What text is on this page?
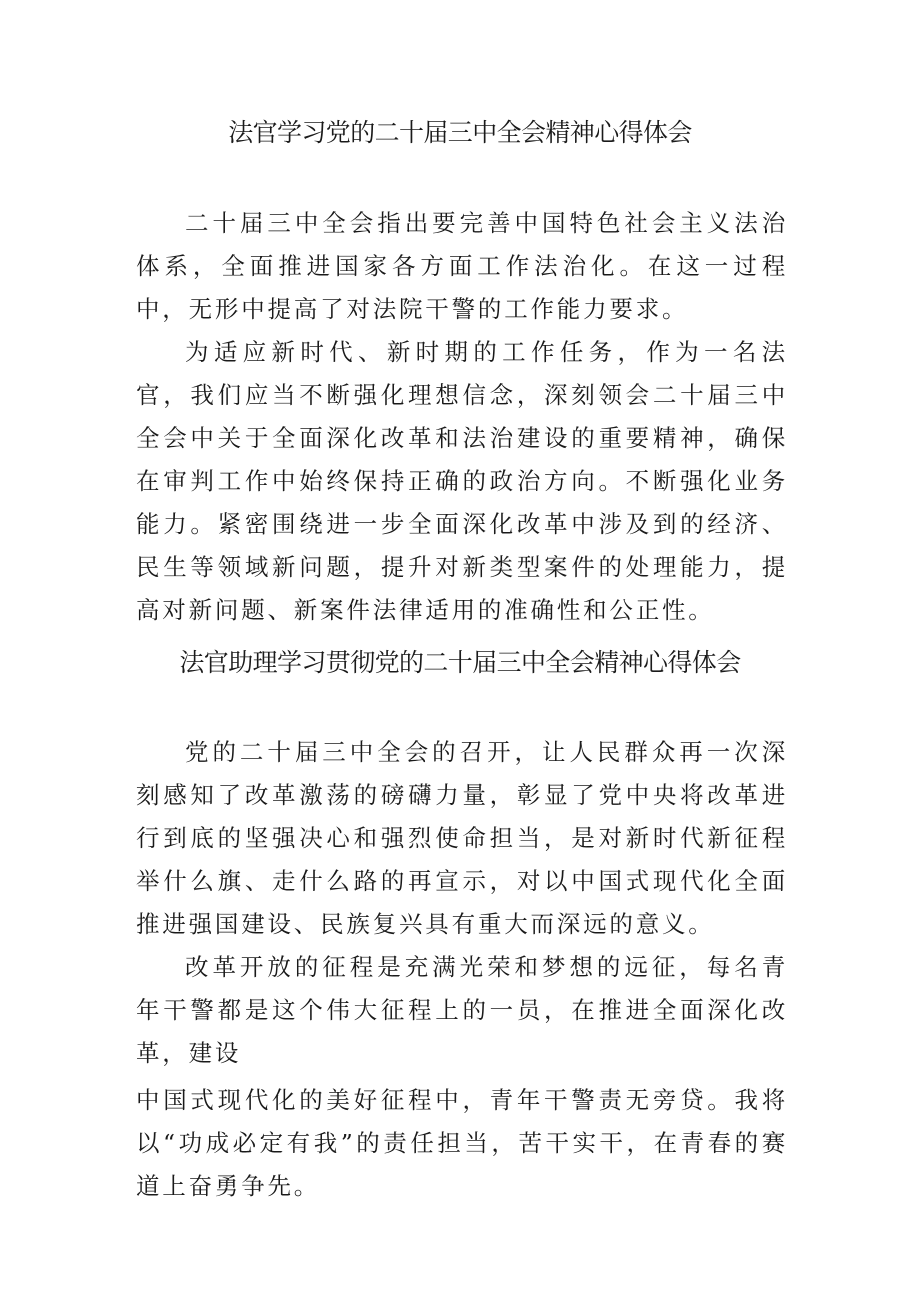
法官学习党的二十届三中全会精神心得体会

二十届三中全会指出要完善中国特色社会主义法治体系，全面推进国家各方面工作法治化。在这一过程中，无形中提高了对法院干警的工作能力要求。

为适应新时代、新时期的工作任务，作为一名法官，我们应当不断强化理想信念，深刻领会二十届三中全会中关于全面深化改革和法治建设的重要精神，确保在审判工作中始终保持正确的政治方向。不断强化业务能力。紧密围绕进一步全面深化改革中涉及到的经济、民生等领域新问题，提升对新类型案件的处理能力，提高对新问题、新案件法律适用的准确性和公正性。

法官助理学习贯彻党的二十届三中全会精神心得体会

党的二十届三中全会的召开，让人民群众再一次深刻感知了改革激荡的磅礴力量，彰显了党中央将改革进行到底的坚强决心和强烈使命担当，是对新时代新征程举什么旗、走什么路的再宣示，对以中国式现代化全面推进强国建设、民族复兴具有重大而深远的意义。

改革开放的征程是充满光荣和梦想的远征，每名青年干警都是这个伟大征程上的一员，在推进全面深化改革，建设

中国式现代化的美好征程中，青年干警责无旁贷。我将以“功成必定有我”的责任担当，苦干实干，在青春的赛道上奋勇争先。
